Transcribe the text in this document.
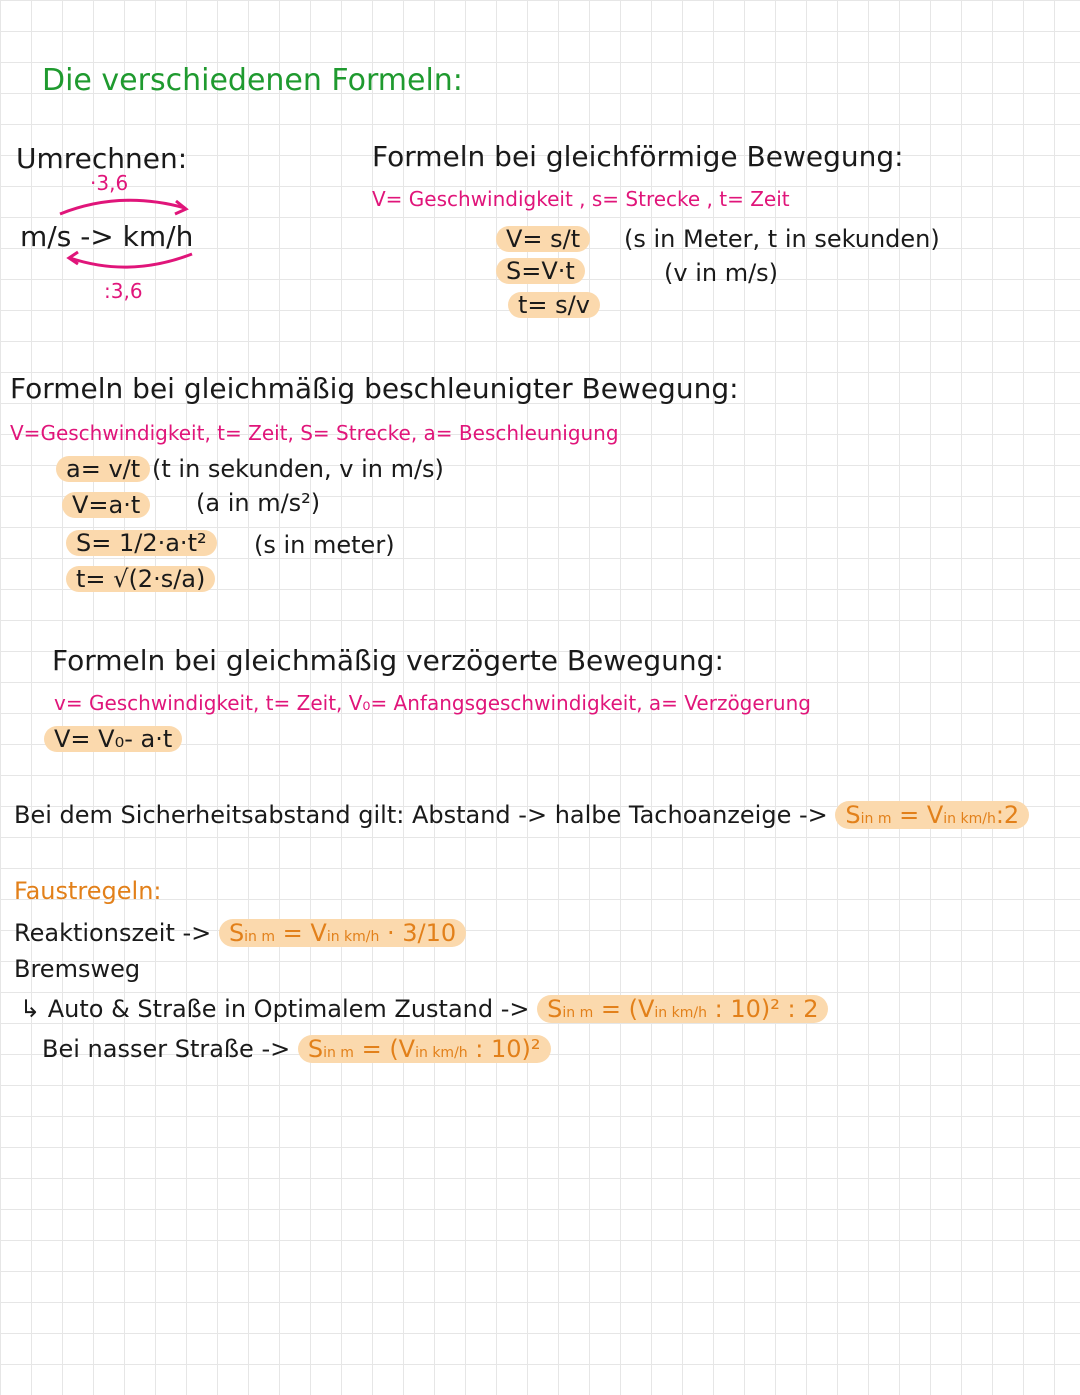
Die verschiedenen Formeln:
Umrechnen:
·3,6
m/s -> km/h
:3,6
Formeln bei gleichförmige Bewegung:
V= Geschwindigkeit , s= Strecke , t= Zeit
V= s/t	(s in Meter, t in sekunden)
S=V·t	(v in m/s)
t= s/v
Formeln bei gleichmäßig beschleunigter Bewegung:
V=Geschwindigkeit, t= Zeit, S= Strecke, a= Beschleunigung
a= v/t (t in sekunden, v in m/s)
V=a·t	(a in m/s²)
S= 1/2·a·t²	(s in meter)
t= √(2·s/a)
Formeln bei gleichmäßig verzögerte Bewegung:
v= Geschwindigkeit, t= Zeit, V₀= Anfangsgeschwindigkeit, a= Verzögerung
V= V₀- a·t
Bei dem Sicherheitsabstand gilt: Abstand -> halbe Tachoanzeige -> Sin m = Vin km/h:2
Faustregeln:
Reaktionszeit -> Sin m = Vin km/h · 3/10
Bremsweg
↳ Auto & Straße in Optimalem Zustand -> Sin m = (Vin km/h : 10)² : 2
Bei nasser Straße -> Sin m = (Vin km/h : 10)²
